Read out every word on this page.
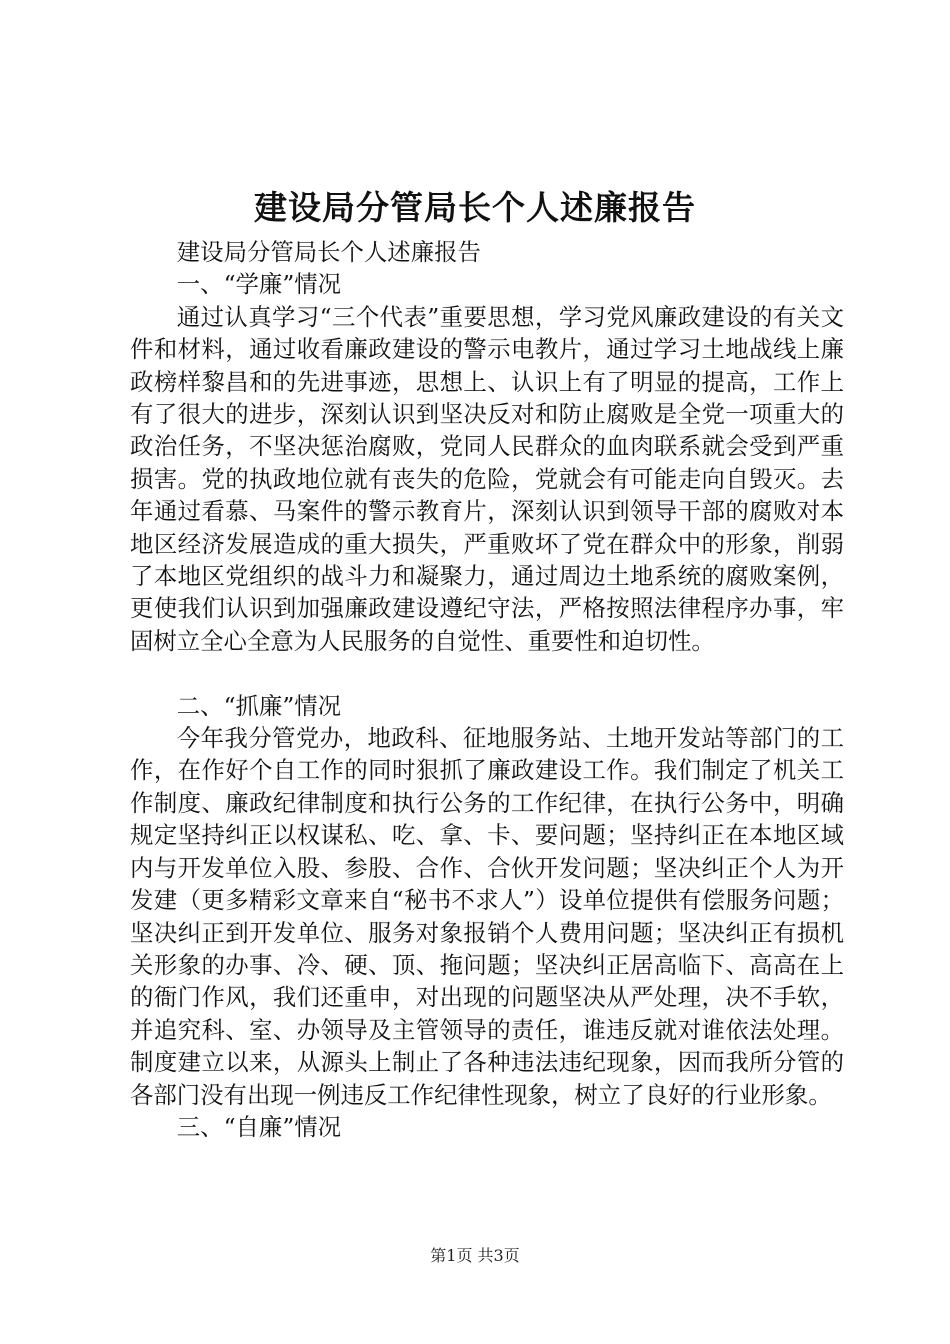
建设局分管局长个人述廉报告

建设局分管局长个人述廉报告

一、“学廉”情况

通过认真学习“三个代表”重要思想，学习党风廉政建设的有关文件和材料，通过收看廉政建设的警示电教片，通过学习土地战线上廉政榜样黎昌和的先进事迹，思想上、认识上有了明显的提高，工作上有了很大的进步，深刻认识到坚决反对和防止腐败是全党一项重大的政治任务，不坚决惩治腐败，党同人民群众的血肉联系就会受到严重损害。党的执政地位就有丧失的危险，党就会有可能走向自毁灭。去年通过看慕、马案件的警示教育片，深刻认识到领导干部的腐败对本地区经济发展造成的重大损失，严重败坏了党在群众中的形象，削弱了本地区党组织的战斗力和凝聚力，通过周边土地系统的腐败案例，更使我们认识到加强廉政建设遵纪守法，严格按照法律程序办事，牢固树立全心全意为人民服务的自觉性、重要性和迫切性。

二、“抓廉”情况

今年我分管党办，地政科、征地服务站、土地开发站等部门的工作，在作好个自工作的同时狠抓了廉政建设工作。我们制定了机关工作制度、廉政纪律制度和执行公务的工作纪律，在执行公务中，明确规定坚持纠正以权谋私、吃、拿、卡、要问题；坚持纠正在本地区域内与开发单位入股、参股、合作、合伙开发问题；坚决纠正个人为开发建（更多精彩文章来自“秘书不求人”）设单位提供有偿服务问题；坚决纠正到开发单位、服务对象报销个人费用问题；坚决纠正有损机关形象的办事、冷、硬、顶、拖问题；坚决纠正居高临下、高高在上的衙门作风，我们还重申，对出现的问题坚决从严处理，决不手软，并追究科、室、办领导及主管领导的责任，谁违反就对谁依法处理。制度建立以来，从源头上制止了各种违法违纪现象，因而我所分管的各部门没有出现一例违反工作纪律性现象，树立了良好的行业形象。

三、“自廉”情况

第1页 共3页
